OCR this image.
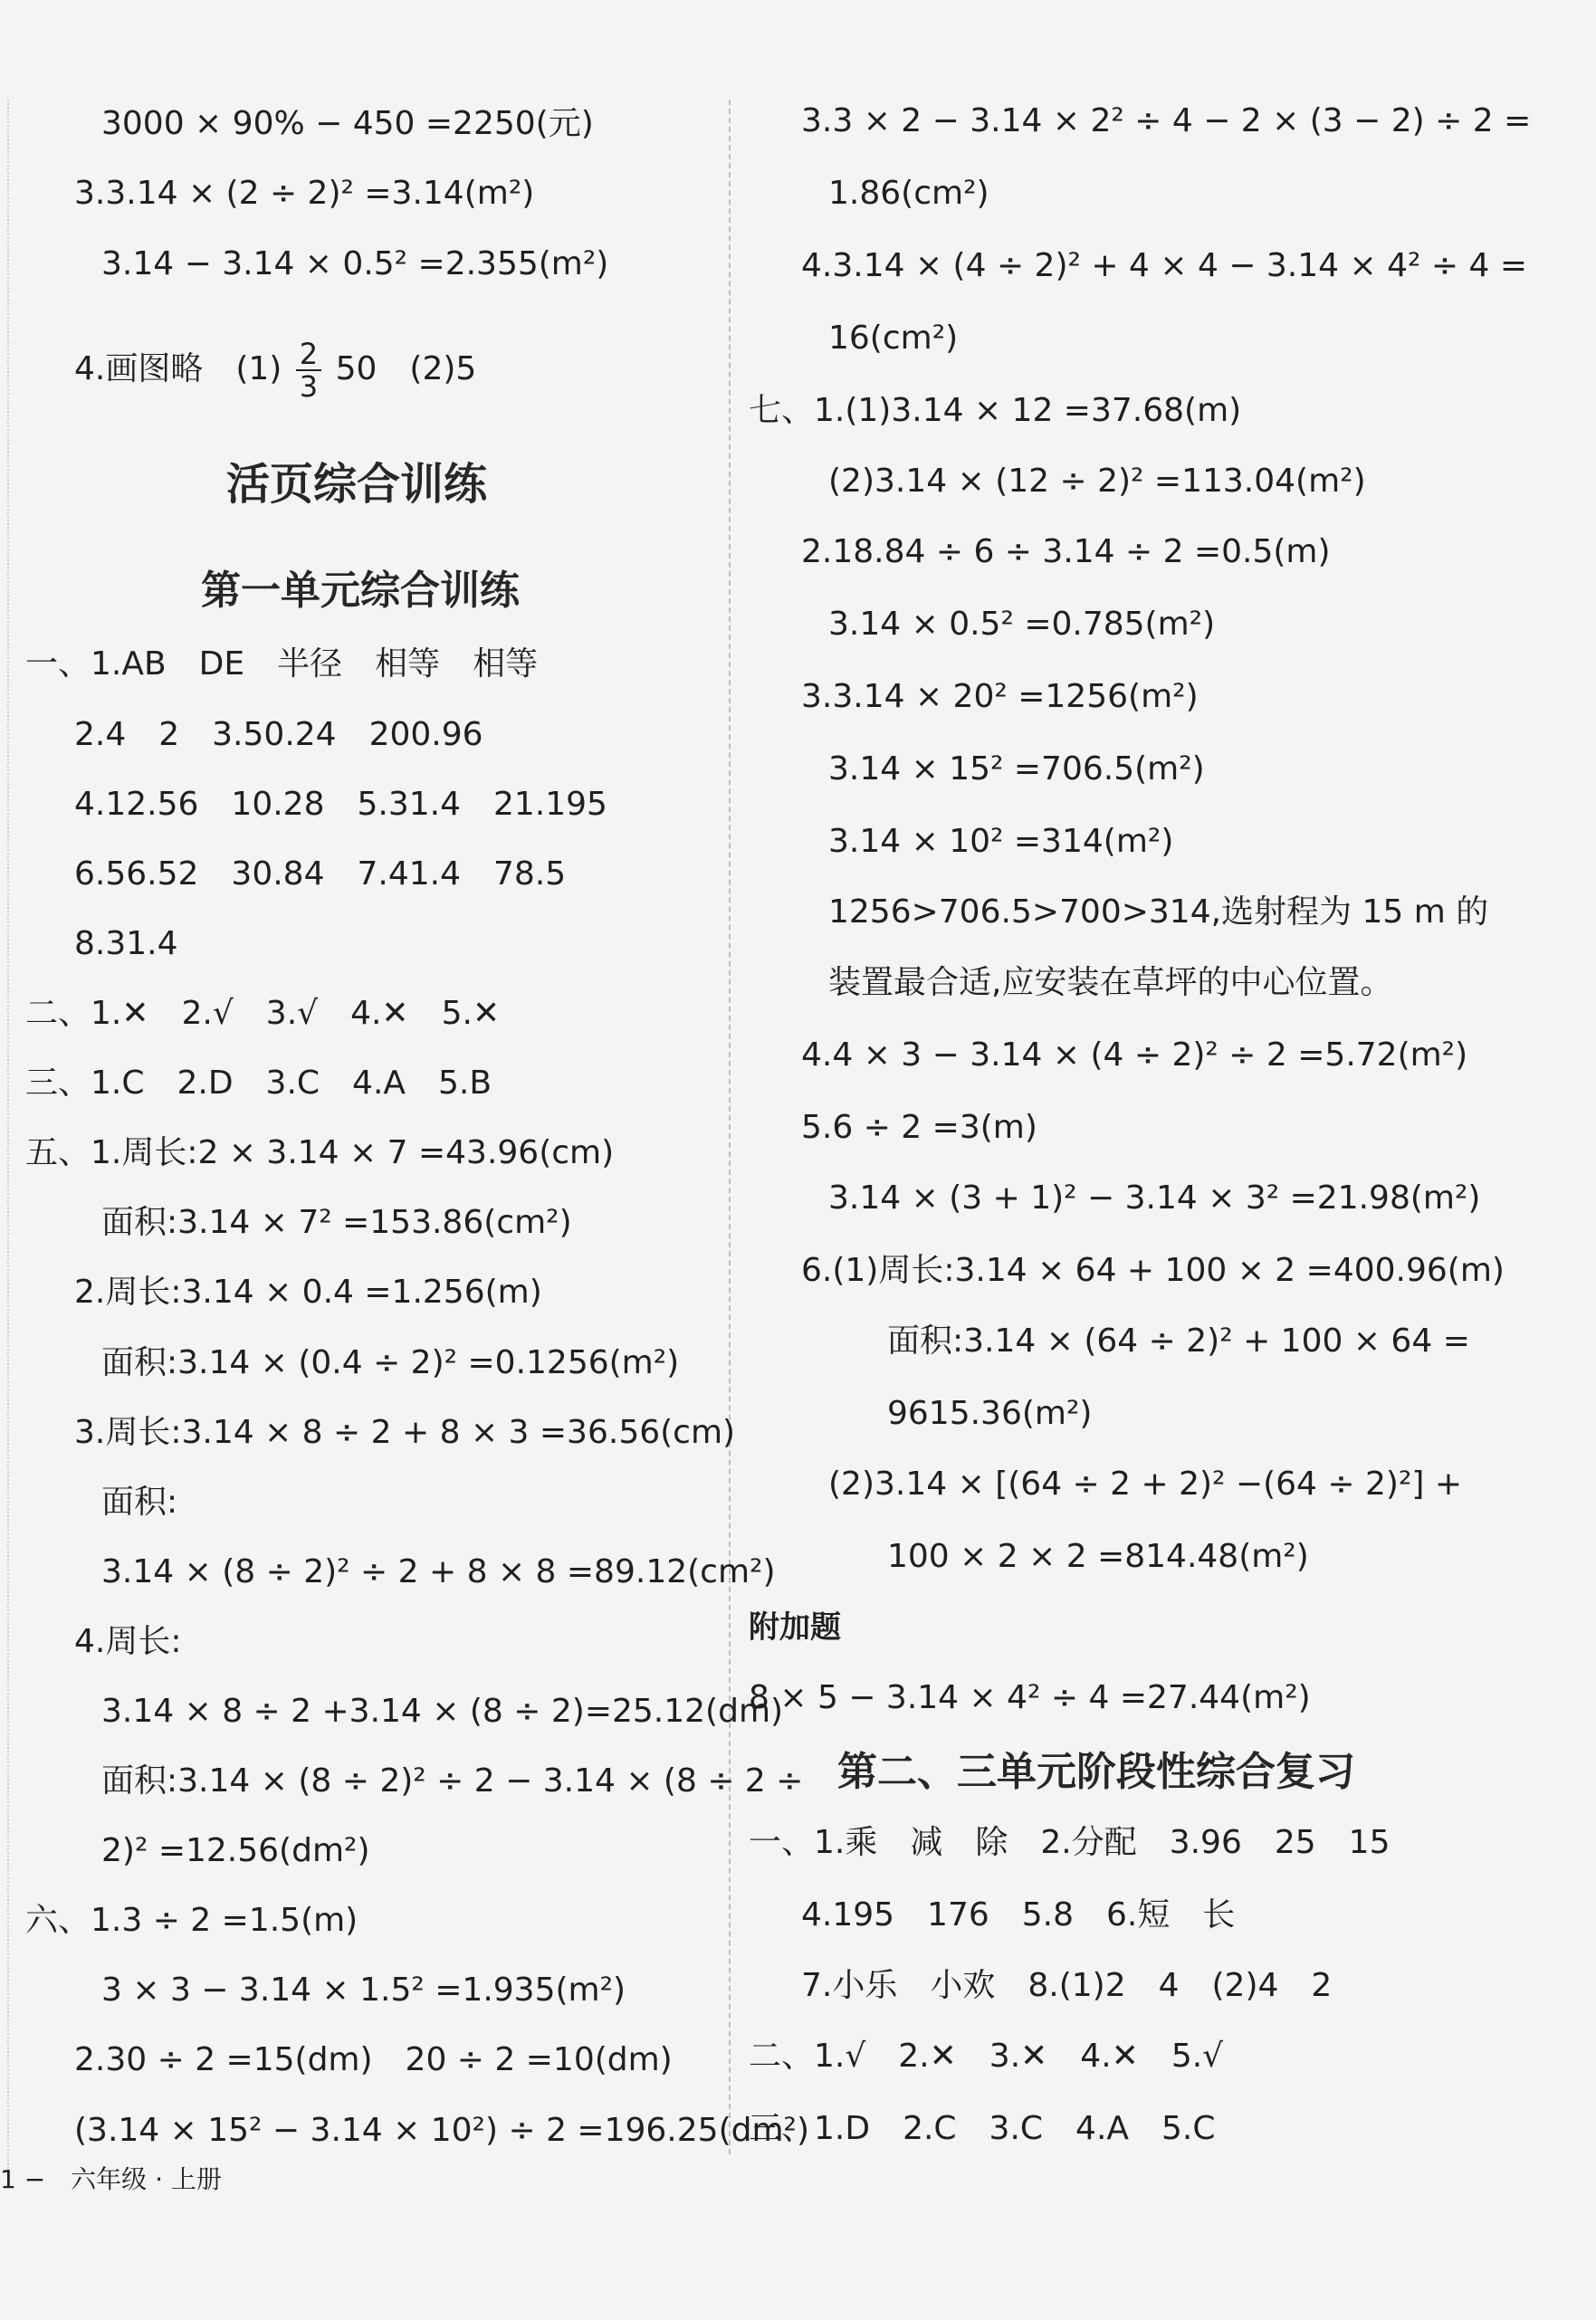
3000 × 90% − 450 =2250(元)
3.3.14 × (2 ÷ 2)² =3.14(m²)
3.14 − 3.14 × 0.5² =2.355(m²)
4.画图略　$(1) \frac{2}{3} 50$　(2)5
活页综合训练
第一单元综合训练
一、1.AB　DE　半径　相等　相等
2.4　2　3.50.24　200.96
4.12.56　10.28　5.31.4　21.195
6.56.52　30.84　7.41.4　78.5
8.31.4
二、1.✕　2.√　3.√　4.✕　5.✕
三、1.C　2.D　3.C　4.A　5.B
五、1.周长:2 × 3.14 × 7 =43.96(cm)
面积:3.14 × 7² =153.86(cm²)
2.周长:3.14 × 0.4 =1.256(m)
面积:3.14 × (0.4 ÷ 2)² =0.1256(m²)
3.周长:3.14 × 8 ÷ 2 + 8 × 3 =36.56(cm)
面积:
3.14 × (8 ÷ 2)² ÷ 2 + 8 × 8 =89.12(cm²)
4.周长:
3.14 × 8 ÷ 2 +3.14 × (8 ÷ 2)=25.12(dm)
面积:3.14 × (8 ÷ 2)² ÷ 2 − 3.14 × (8 ÷ 2 ÷
2)² =12.56(dm²)
六、1.3 ÷ 2 =1.5(m)
3 × 3 − 3.14 × 1.5² =1.935(m²)
2.30 ÷ 2 =15(dm)　20 ÷ 2 =10(dm)
(3.14 × 15² − 3.14 × 10²) ÷ 2 =196.25(dm²)
3.3 × 2 − 3.14 × 2² ÷ 4 − 2 × (3 − 2) ÷ 2 =
1.86(cm²)
4.3.14 × (4 ÷ 2)² + 4 × 4 − 3.14 × 4² ÷ 4 =
16(cm²)
七、1.(1)3.14 × 12 =37.68(m)
(2)3.14 × (12 ÷ 2)² =113.04(m²)
2.18.84 ÷ 6 ÷ 3.14 ÷ 2 =0.5(m)
3.14 × 0.5² =0.785(m²)
3.3.14 × 20² =1256(m²)
3.14 × 15² =706.5(m²)
3.14 × 10² =314(m²)
1256>706.5>700>314,选射程为 15 m 的
装置最合适,应安装在草坪的中心位置。
4.4 × 3 − 3.14 × (4 ÷ 2)² ÷ 2 =5.72(m²)
5.6 ÷ 2 =3(m)
3.14 × (3 + 1)² − 3.14 × 3² =21.98(m²)
6.(1)周长:3.14 × 64 + 100 × 2 =400.96(m)
面积:3.14 × (64 ÷ 2)² + 100 × 64 =
9615.36(m²)
(2)3.14 × [(64 ÷ 2 + 2)² −(64 ÷ 2)²] +
100 × 2 × 2 =814.48(m²)
附加题
8 × 5 − 3.14 × 4² ÷ 4 =27.44(m²)
第二、三单元阶段性综合复习
一、1.乘　减　除　2.分配　3.96　25　15
4.195　176　5.8　6.短　长
7.小乐　小欢　8.(1)2　4　(2)4　2
二、1.√　2.✕　3.✕　4.✕　5.√
三、1.D　2.C　3.C　4.A　5.C
1 −　六年级 · 上册
